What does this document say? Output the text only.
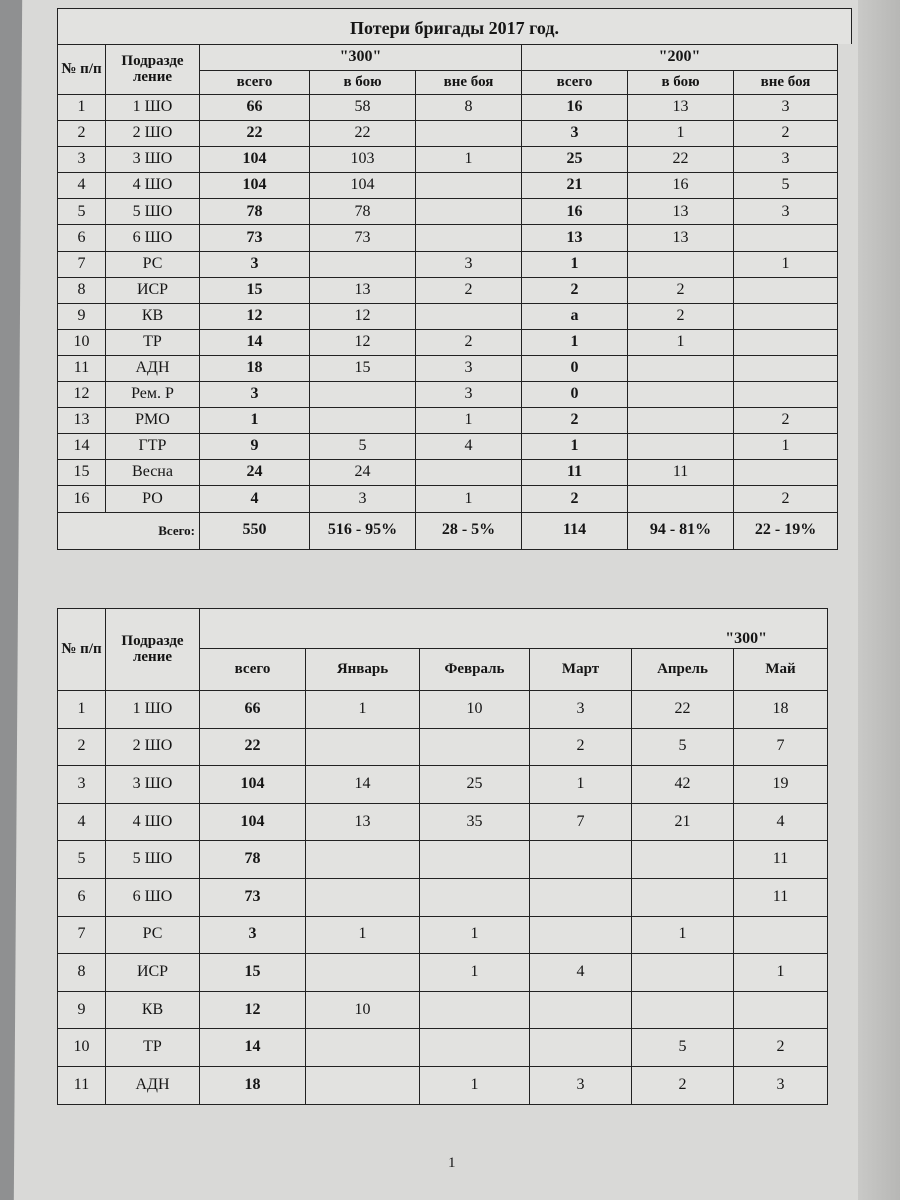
Потери бригады 2017 год.
№ п/п	Подразде ление	"300"			"200"		
		всего	в бою	вне боя	всего	в бою	вне боя
1	1 ШО	66	58	8	16	13	3
2	2 ШО	22	22		3	1	2
3	3 ШО	104	103	1	25	22	3
4	4 ШО	104	104		21	16	5
5	5 ШО	78	78		16	13	3
6	6 ШО	73	73		13	13	
7	РС	3		3	1		1
8	ИСР	15	13	2	2	2	
9	КВ	12	12		а	2	
10	ТР	14	12	2	1	1	
11	АДН	18	15	3	0		
12	Рем. Р	3		3	0		
13	РМО	1		1	2		2
14	ГТР	9	5	4	1		1
15	Весна	24	24		11	11	
16	РО	4	3	1	2		2
Всего:		550	516 - 95%	28 - 5%	114	94 - 81%	22 - 19%
№ п/п	Подразде ление	"300"					
		всего	Январь	Февраль	Март	Апрель	Май
1	1 ШО	66	1	10	3	22	18
2	2 ШО	22			2	5	7
3	3 ШО	104	14	25	1	42	19
4	4 ШО	104	13	35	7	21	4
5	5 ШО	78					11
6	6 ШО	73					11
7	РС	3	1	1		1	
8	ИСР	15		1	4		1
9	КВ	12	10				
10	ТР	14				5	2
11	АДН	18		1	3	2	3
1
